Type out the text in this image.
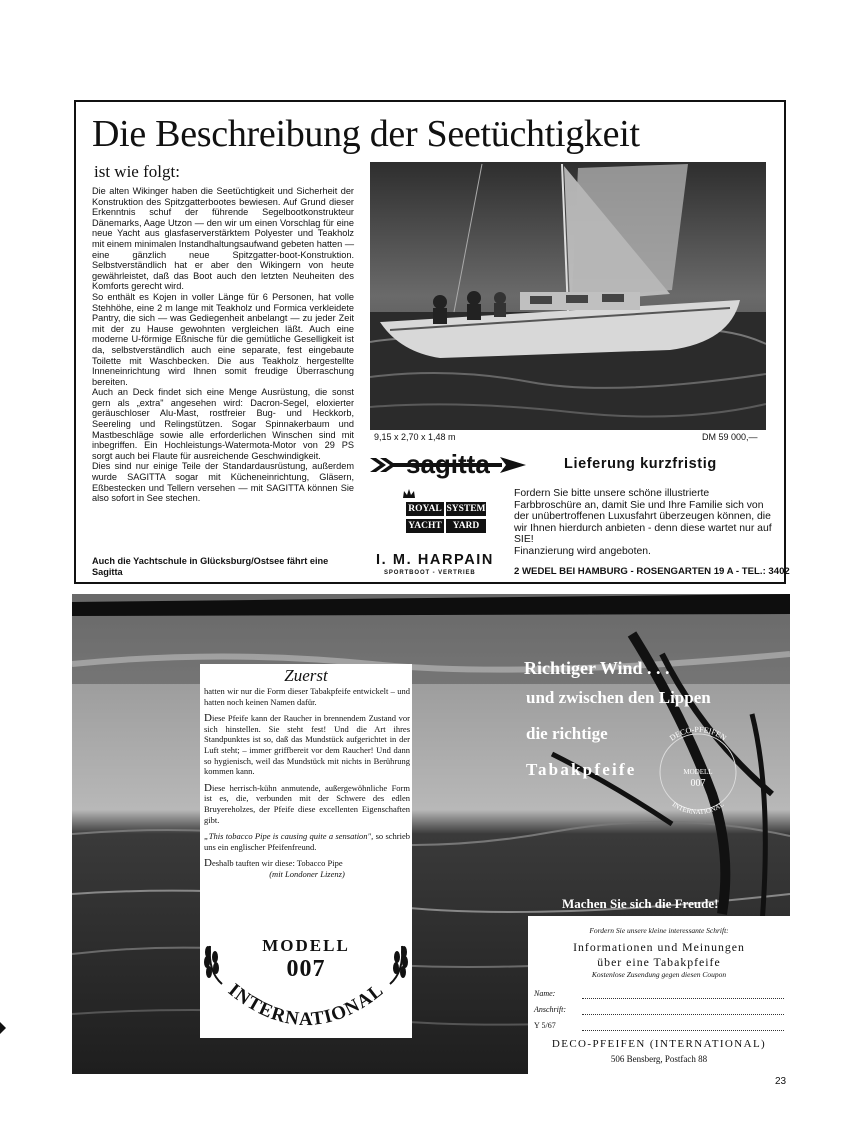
Die Beschreibung der Seetüchtigkeit
ist wie folgt:

Die alten Wikinger haben die Seetüchtigkeit und Sicherheit der Konstruktion des Spitzgatterbootes bewiesen. Auf Grund dieser Erkenntnis schuf der führende Segelbootkonstrukteur Dänemarks, Aage Utzon — den wir um einen Vorschlag für eine neue Yacht aus glasfaserverstärktem Polyester und Teakholz mit einem minimalen Instandhaltungsaufwand gebeten hatten — eine gänzlich neue Spitzgatter-boot-Konstruktion. Selbstverständlich hat er aber den Wikingern von heute gewährleistet, daß das Boot auch den letzten Neuheiten des Komforts gerecht wird.

So enthält es Kojen in voller Länge für 6 Personen, hat volle Stehhöhe, eine 2 m lange mit Teakholz und Formica verkleidete Pantry, die sich — was Gediegenheit anbelangt — zu jeder Zeit mit der zu Hause gewohnten vergleichen läßt. Auch eine moderne U-förmige Eßnische für die gemütliche Geselligkeit ist da, selbstverständlich auch eine separate, fest eingebaute Toilette mit Waschbecken. Die aus Teakholz hergestellte Inneneinrichtung wird Ihnen somit freudige Überraschung bereiten.

Auch an Deck findet sich eine Menge Ausrüstung, die sonst gern als „extra" angesehen wird: Dacron-Segel, eloxierter geräuschloser Alu-Mast, rostfreier Bug- und Heckkorb, Seereling und Relingstützen. Sogar Spinnakerbaum und Mastbeschläge sowie alle erforderlichen Winschen sind mit inbegriffen. Ein Hochleistungs-Watermota-Motor von 29 PS sorgt auch bei Flaute für ausreichende Geschwindigkeit.

Dies sind nur einige Teile der Standardausrüstung, außerdem wurde SAGITTA sogar mit Kücheneinrichtung, Gläsern, Eßbestecken und Tellern versehen — mit SAGITTA können Sie also sofort in See stechen.

Auch die Yachtschule in Glücksburg/Ostsee fährt eine Sagitta
9,15 x 2,70 x 1,48 m	DM 59 000,—
sagitta	Lieferung kurzfristig
ROYAL SYSTEM
YACHT	YARD

Fordern Sie bitte unsere schöne illustrierte Farbbroschüre an, damit Sie und Ihre Familie sich von der unübertroffenen Luxusfahrt überzeugen können, die wir Ihnen hierdurch anbieten - denn diese wartet nur auf SIE!

Finanzierung wird angeboten.

I. M. HARPAIN
SPORTBOOT - VERTRIEB	2 WEDEL BEI HAMBURG - ROSENGARTEN 19 A - TEL.: 3402
Zuerst

hatten wir nur die Form dieser Tabakpfeife entwickelt – und hatten noch keinen Namen dafür.

Diese Pfeife kann der Raucher in brennendem Zustand vor sich hinstellen. Sie steht fest! Und die Art ihres Standpunktes ist so, daß das Mundstück aufgerichtet in der Luft steht; – immer griffbereit vor dem Raucher! Und dann so hygienisch, weil das Mundstück mit nichts in Berührung kommen kann.

Diese herrisch-kühn anmutende, außergewöhnliche Form ist es, die, verbunden mit der Schwere des edlen Bruyereholzes, der Pfeife diese excellenten Eigenschaften gibt.

„This tobacco Pipe is causing quite a sensation", so schrieb uns ein englischer Pfeifenfreund.

Deshalb tauften wir diese: Tobacco Pipe

(mit Londoner Lizenz)

MODELL
007
INTERNATIONAL
Richtiger Wind . . .
und zwischen den Lippen
die richtige
Tabakpfeife
DECO-PFEIFEN
MODELL
007
INTERNATIONAL
Machen Sie sich die Freude!
Fordern Sie unsere kleine interessante Schrift:
Informationen und Meinungen
über eine Tabakpfeife
Kostenlose Zusendung gegen diesen Coupon
Name:
Anschrift:
Y 5/67
DECO-PFEIFEN (INTERNATIONAL)
506 Bensberg, Postfach 88
23
